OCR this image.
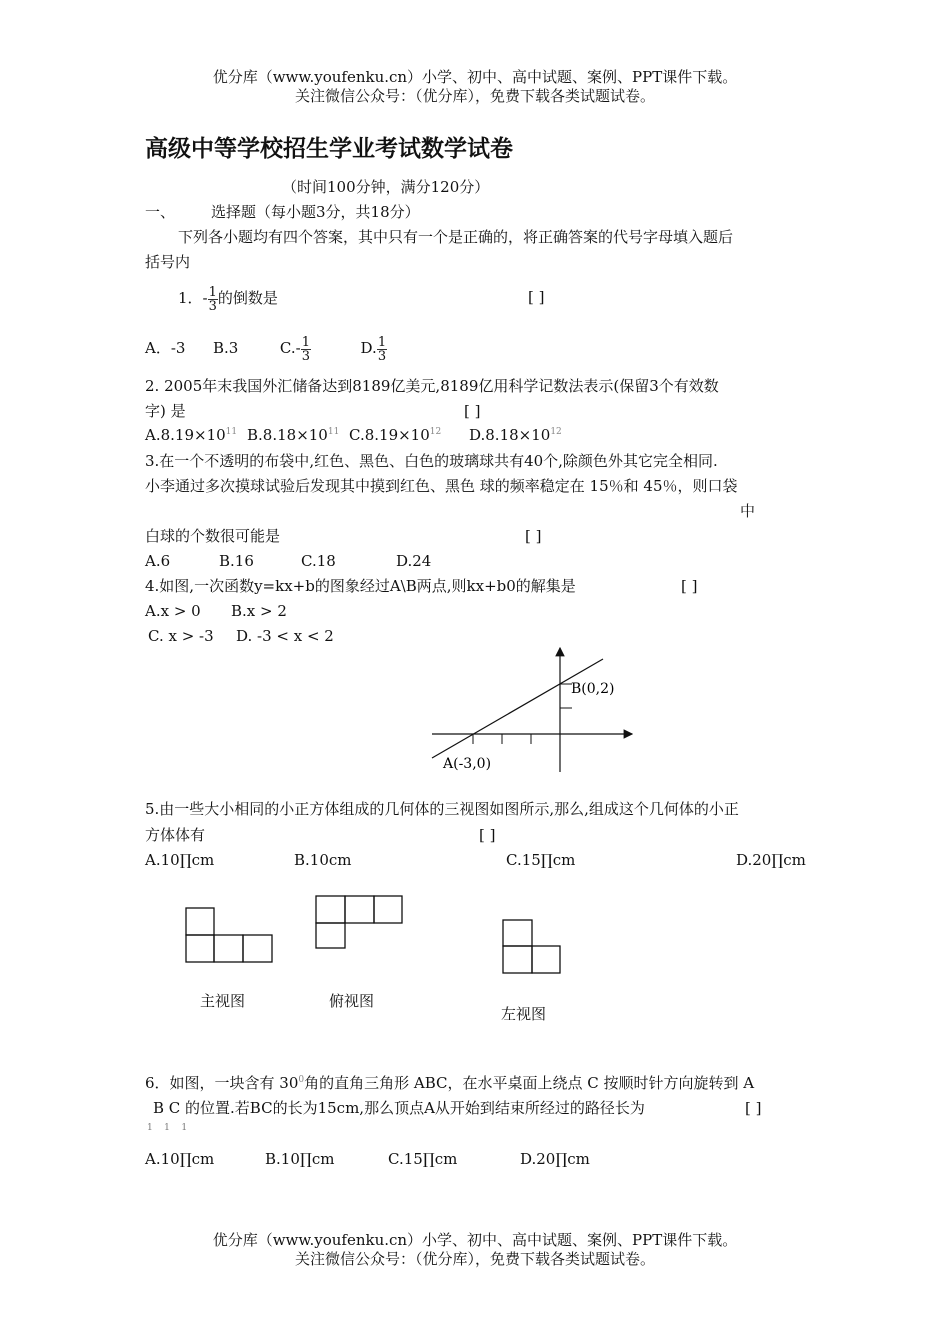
优分库（www.youfenku.cn）小学、初中、高中试题、案例、PPT课件下载。
关注微信公众号：（优分库），免费下载各类试题试卷。
高级中等学校招生学业考试数学试卷
（时间100分钟，满分120分）
一、 选择题（每小题3分，共18分）
下列各小题均有四个答案，其中只有一个是正确的，将正确答案的代号字母填入题后
括号内
1．- $\frac{1}{3}$ 的倒数是	[ ]
A．-3 B.3	$C.- \frac{1}{3}$	D. $\frac{1}{3}$
2. 2005年末我国外汇储备达到8189亿美元,8189亿用科学记数法表示(保留3个有效数
字) 是	[ ]
$A.8.19\times 10^{11}$ $B.8.18\times 10^{11}$ $C.8.19\times 10^{12}$ $D.8.18\times 10^{12}$
3.在一个不透明的布袋中,红色、黑色、白色的玻璃球共有40个,除颜色外其它完全相同.
小李通过多次摸球试验后发现其中摸到红色、黑色 球的频率稳定在 15％和 45％，则口袋
中
白球的个数很可能是	[ ]
A.6	B.16	C.18	D.24
4.如图,一次函数y=kx+b的图象经过A\B两点,则kx+b0的解集是	[ ]
A.x > 0 B.x > 2
C. x > -3 D. -3 < x < 2
B(0,2)
A(-3,0)
5.由一些大小相同的小正方体组成的几何体的三视图如图所示,那么,组成这个几何体的小正
方体体有	[ ]
A.10∏cm	B.10cm	C.15∏cm	D.20∏cm
主视图	俯视图
左视图
6．如图，一块含有 $30^0$角的直角三角形 ABC，在水平桌面上绕点 C 按顺时针方向旋转到 A
B C 的位置.若BC的长为15cm,那么顶点A从开始到结束所经过的路径长为	[ ]
1    1    1
A.10∏cm	B.10∏cm	C.15∏cm	D.20∏cm
优分库（www.youfenku.cn）小学、初中、高中试题、案例、PPT课件下载。
关注微信公众号：（优分库），免费下载各类试题试卷。
